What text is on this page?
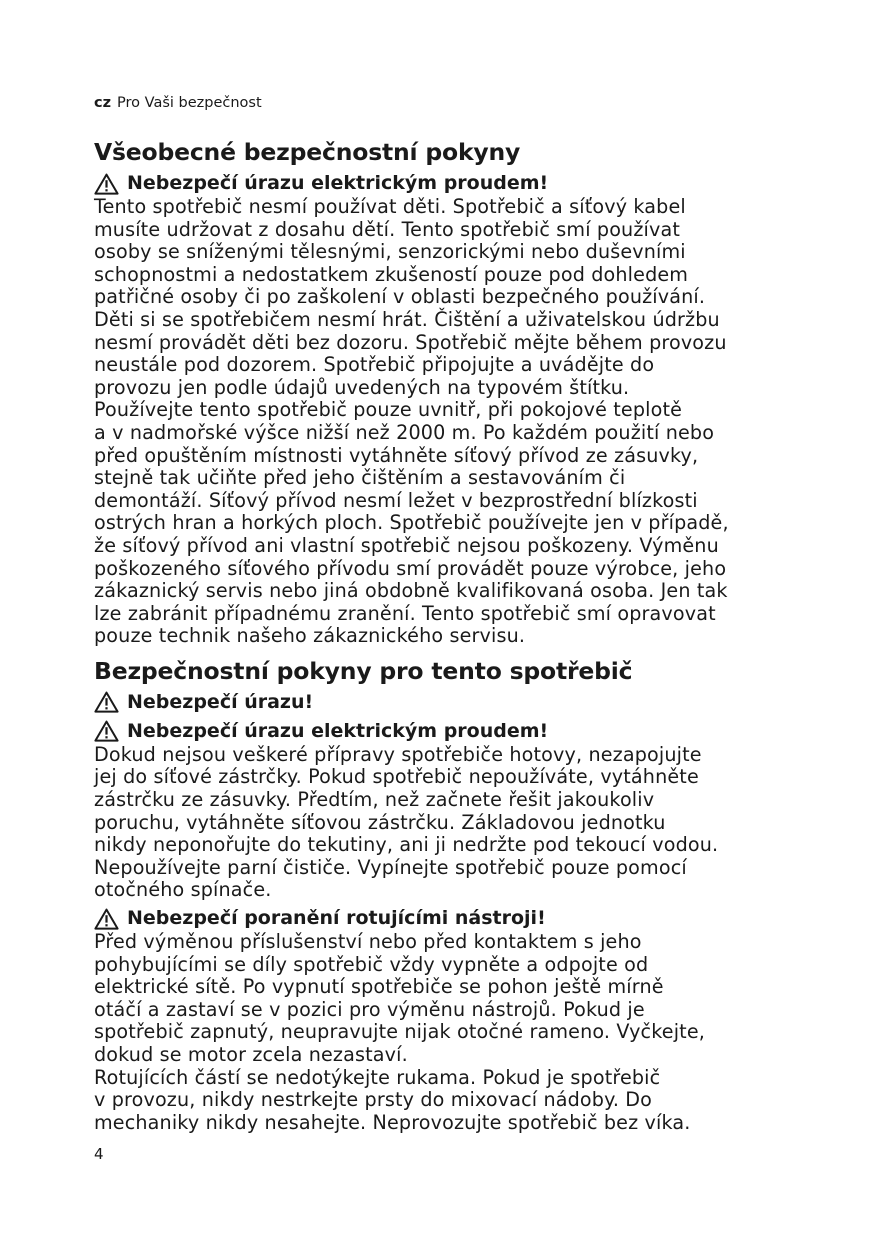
cz Pro Vaši bezpečnost
Všeobecné bezpečnostní pokyny
Nebezpečí úrazu elektrickým proudem!

Tento spotřebič nesmí používat děti. Spotřebič a síťový kabel
musíte udržovat z dosahu dětí. Tento spotřebič smí používat
osoby se sníženými tělesnými, senzorickými nebo duševními
schopnostmi a nedostatkem zkušeností pouze pod dohledem
patřičné osoby či po zaškolení v oblasti bezpečného používání.
Děti si se spotřebičem nesmí hrát. Čištění a uživatelskou údržbu
nesmí provádět děti bez dozoru. Spotřebič mějte během provozu
neustále pod dozorem. Spotřebič připojujte a uvádějte do
provozu jen podle údajů uvedených na typovém štítku.
Používejte tento spotřebič pouze uvnitř, při pokojové teplotě
a v nadmořské výšce nižší než 2000 m. Po každém použití nebo
před opuštěním místnosti vytáhněte síťový přívod ze zásuvky,
stejně tak učiňte před jeho čištěním a sestavováním či
demontáží. Síťový přívod nesmí ležet v bezprostřední blízkosti
ostrých hran a horkých ploch. Spotřebič používejte jen v případě,
že síťový přívod ani vlastní spotřebič nejsou poškozeny. Výměnu
poškozeného síťového přívodu smí provádět pouze výrobce, jeho
zákaznický servis nebo jiná obdobně kvalifikovaná osoba. Jen tak
lze zabránit případnému zranění. Tento spotřebič smí opravovat
pouze technik našeho zákaznického servisu.

Bezpečnostní pokyny pro tento spotřebič
Nebezpečí úrazu!
Nebezpečí úrazu elektrickým proudem!

Dokud nejsou veškeré přípravy spotřebiče hotovy, nezapojujte
jej do síťové zástrčky. Pokud spotřebič nepoužíváte, vytáhněte
zástrčku ze zásuvky. Předtím, než začnete řešit jakoukoliv
poruchu, vytáhněte síťovou zástrčku. Základovou jednotku
nikdy neponořujte do tekutiny, ani ji nedržte pod tekoucí vodou.
Nepoužívejte parní čističe. Vypínejte spotřebič pouze pomocí
otočného spínače.

Nebezpečí poranění rotujícími nástroji!

Před výměnou příslušenství nebo před kontaktem s jeho
pohybujícími se díly spotřebič vždy vypněte a odpojte od
elektrické sítě. Po vypnutí spotřebiče se pohon ještě mírně
otáčí a zastaví se v pozici pro výměnu nástrojů. Pokud je
spotřebič zapnutý, neupravujte nijak otočné rameno. Vyčkejte,
dokud se motor zcela nezastaví.
Rotujících částí se nedotýkejte rukama. Pokud je spotřebič
v provozu, nikdy nestrkejte prsty do mixovací nádoby. Do
mechaniky nikdy nesahejte. Neprovozujte spotřebič bez víka.

4
